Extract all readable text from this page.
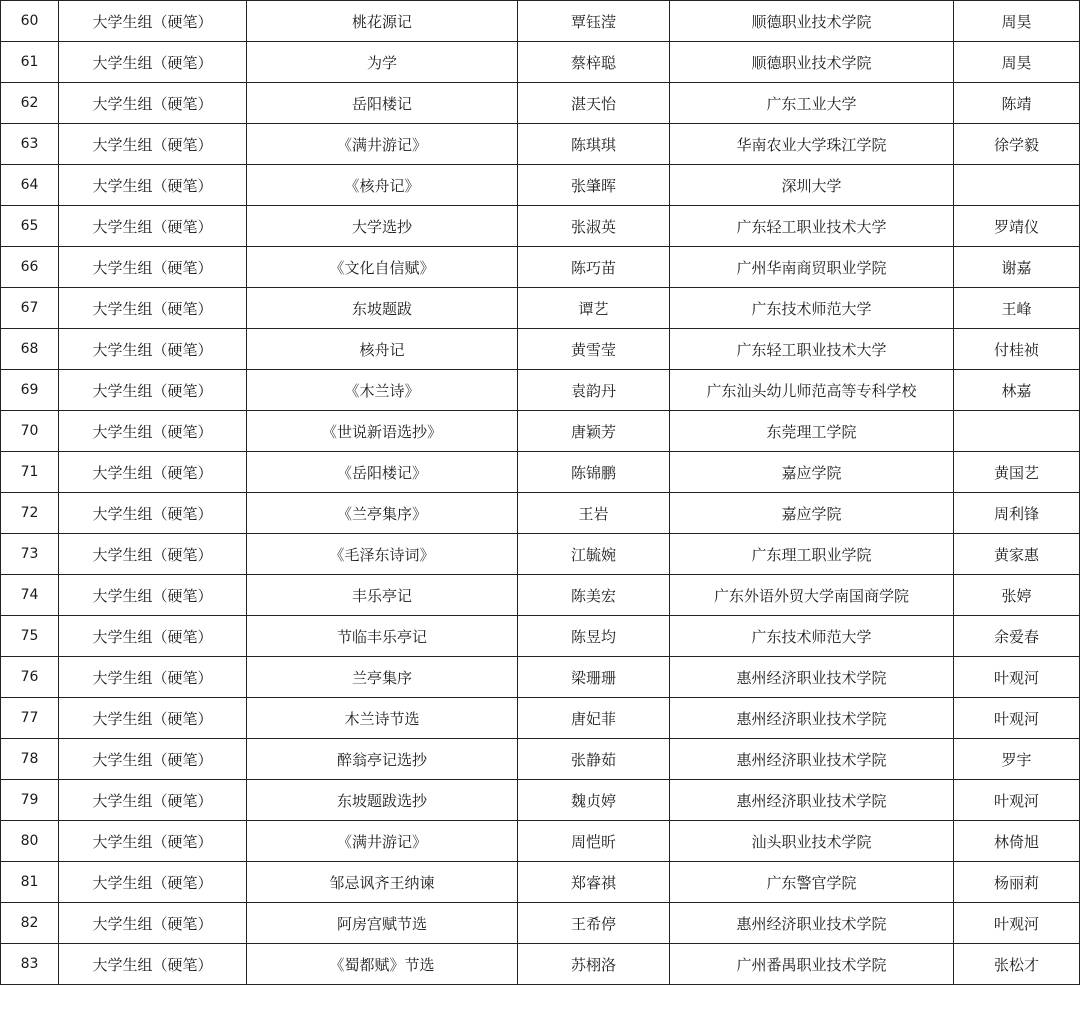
60	大学生组（硬笔）	桃花源记	覃钰滢	顺德职业技术学院	周昊
61	大学生组（硬笔）	为学	蔡梓聪	顺德职业技术学院	周昊
62	大学生组（硬笔）	岳阳楼记	湛天怡	广东工业大学	陈靖
63	大学生组（硬笔）	《满井游记》	陈琪琪	华南农业大学珠江学院	徐学毅
64	大学生组（硬笔）	《核舟记》	张肇晖	深圳大学	
65	大学生组（硬笔）	大学选抄	张淑英	广东轻工职业技术大学	罗靖仪
66	大学生组（硬笔）	《文化自信赋》	陈巧苗	广州华南商贸职业学院	谢嘉
67	大学生组（硬笔）	东坡题跋	谭艺	广东技术师范大学	王峰
68	大学生组（硬笔）	核舟记	黄雪莹	广东轻工职业技术大学	付桂祯
69	大学生组（硬笔）	《木兰诗》	袁韵丹	广东汕头幼儿师范高等专科学校	林嘉
70	大学生组（硬笔）	《世说新语选抄》	唐颖芳	东莞理工学院	
71	大学生组（硬笔）	《岳阳楼记》	陈锦鹏	嘉应学院	黄国艺
72	大学生组（硬笔）	《兰亭集序》	王岩	嘉应学院	周利锋
73	大学生组（硬笔）	《毛泽东诗词》	江毓婉	广东理工职业学院	黄家惠
74	大学生组（硬笔）	丰乐亭记	陈美宏	广东外语外贸大学南国商学院	张婷
75	大学生组（硬笔）	节临丰乐亭记	陈昱均	广东技术师范大学	余爱春
76	大学生组（硬笔）	兰亭集序	梁珊珊	惠州经济职业技术学院	叶观河
77	大学生组（硬笔）	木兰诗节选	唐妃菲	惠州经济职业技术学院	叶观河
78	大学生组（硬笔）	醉翁亭记选抄	张静茹	惠州经济职业技术学院	罗宇
79	大学生组（硬笔）	东坡题跋选抄	魏贞婷	惠州经济职业技术学院	叶观河
80	大学生组（硬笔）	《满井游记》	周恺昕	汕头职业技术学院	林倚旭
81	大学生组（硬笔）	邹忌讽齐王纳谏	郑睿祺	广东警官学院	杨丽莉
82	大学生组（硬笔）	阿房宫赋节选	王希停	惠州经济职业技术学院	叶观河
83	大学生组（硬笔）	《蜀都赋》节选	苏栩洛	广州番禺职业技术学院	张松才
